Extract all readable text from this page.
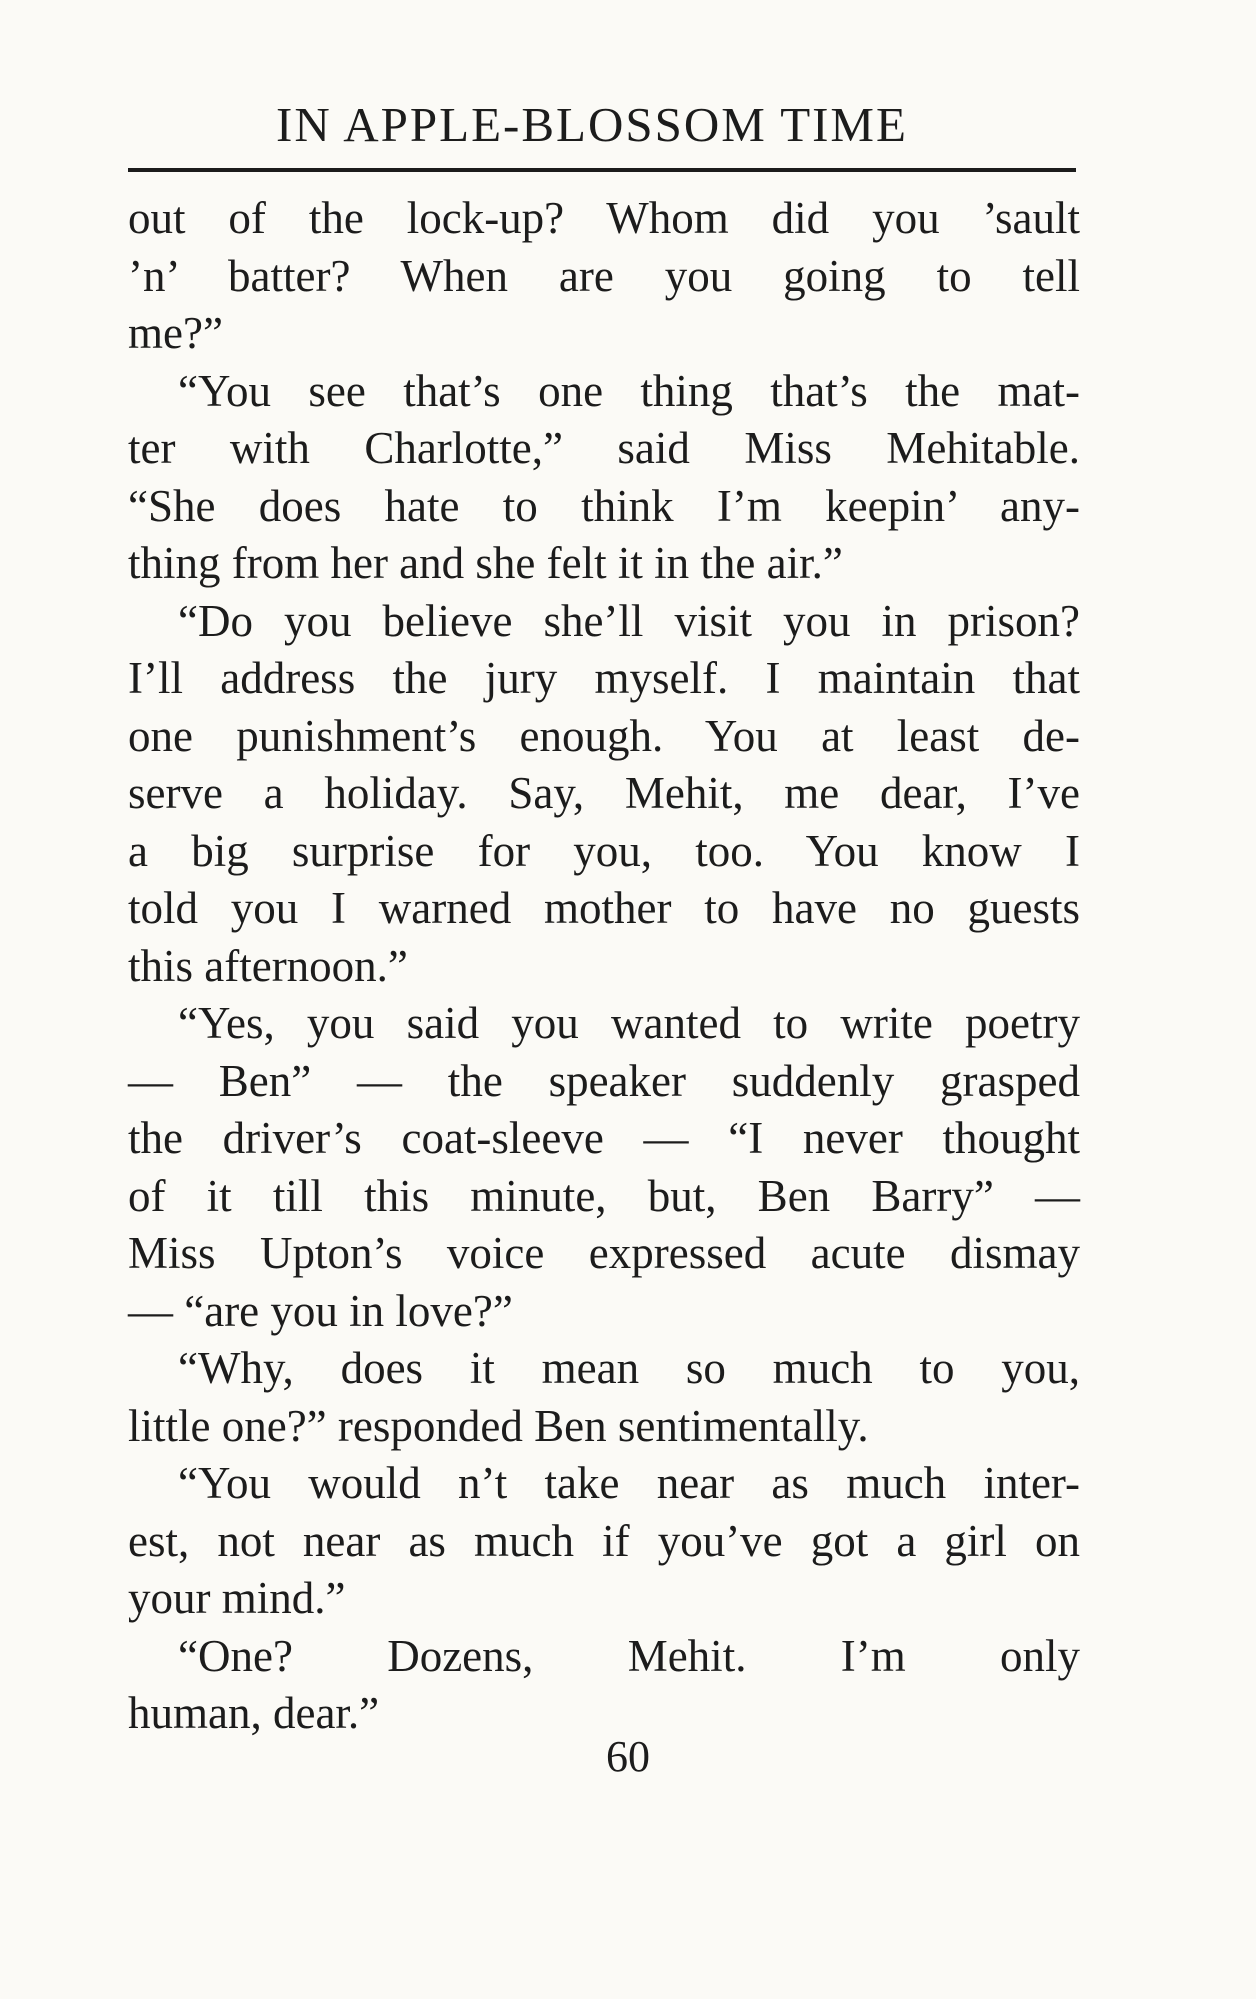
IN APPLE-BLOSSOM TIME
out of the lock-up? Whom did you ’sault
’n’ batter? When are you going to tell
me?”
“You see that’s one thing that’s the mat-
ter with Charlotte,” said Miss Mehitable.
“She does hate to think I’m keepin’ any-
thing from her and she felt it in the air.”
“Do you believe she’ll visit you in prison?
I’ll address the jury myself. I maintain that
one punishment’s enough. You at least de-
serve a holiday. Say, Mehit, me dear, I’ve
a big surprise for you, too. You know I
told you I warned mother to have no guests
this afternoon.”
“Yes, you said you wanted to write poetry
— Ben” — the speaker suddenly grasped
the driver’s coat-sleeve — “I never thought
of it till this minute, but, Ben Barry” —
Miss Upton’s voice expressed acute dismay
— “are you in love?”
“Why, does it mean so much to you,
little one?” responded Ben sentimentally.
“You would n’t take near as much inter-
est, not near as much if you’ve got a girl on
your mind.”
“One? Dozens, Mehit. I’m only
human, dear.”
60
